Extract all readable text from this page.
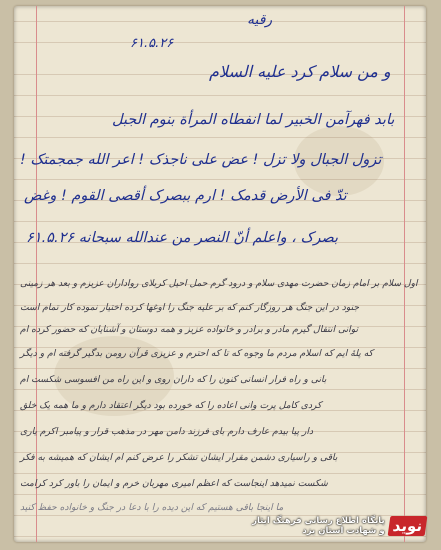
رقیه
۶۱.۵.۲۶
و من سلام کرد علیه السلام
بابد فهرآمن الخبیر لما انفطاه المرأة بنوم الجبل
تزول الجبال ولا تزل ! عض علی ناجذک ! اعر الله جمجمتک !
تدّ فی الأرض قدمک ! ارم ببصرک أقصی القوم ! وغض
بصرک ، واعلم أنّ النصر من عندالله سبحانه ۶۱.۵.۲۶
اول سلام بر امام زمان حضرت مهدی سلام و درود گرم حمل احیل کربلای رواداران عزیزم و بعد هر زمینی
جنود در این جنگ هر روزگار کنم که بر علیه جنگ را اوغها کرده اختیار نموده کار تمام است
توانی انتقال گیرم مادر و برادر و خانواده عزیز و همه دوستان و آشنایان که حضور کرده ام
که پلهٔ ایم که اسلام مردم ما وجوه که تا که احترم و عزیزی قرآن رومن بدگیر گرفته ام و دیگر
بانی و راه فرار انسانی کنون را که داران روی و این راه من افسوسی شکست ام
کردی کامل پرت وانی اعاده را که خورده بود دیگر اعتقاد دارم و ما همه یک خلق
دار پیا بیدم عارف دارم بای فرزند دامن مهر در مذهب قرار و پیامبر اکرم یاری
باقی و راسیاری دشمن مقرار ایشان تشکر را عرض کنم ام ایشان که همیشه به فکر
شکست نمیدهد اینجاست که اعظم امیری مهربان خرم و ایمان را باور کرد کرامت
ما اینجا باقی هستیم که این دیده را با دعا در جنگ و خانواده حفظ کنید
نوید
پایگاه اطلاع رسانی فرهنگ ایثار و شهادت استان یزد
